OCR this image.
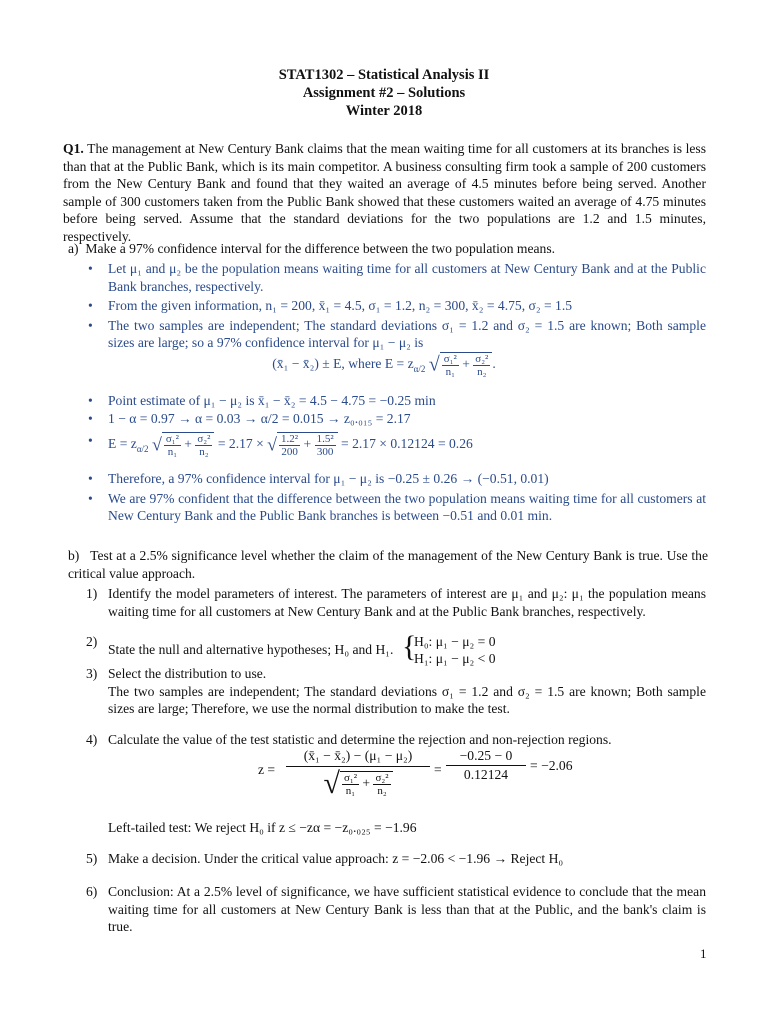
STAT1302 – Statistical Analysis II
Assignment #2 – Solutions
Winter 2018
Q1. The management at New Century Bank claims that the mean waiting time for all customers at its branches is less than that at the Public Bank, which is its main competitor. A business consulting firm took a sample of 200 customers from the New Century Bank and found that they waited an average of 4.5 minutes before being served. Another sample of 300 customers taken from the Public Bank showed that these customers waited an average of 4.75 minutes before being served. Assume that the standard deviations for the two populations are 1.2 and 1.5 minutes, respectively.
a) Make a 97% confidence interval for the difference between the two population means.
• Let μ₁ and μ₂ be the population means waiting time for all customers at New Century Bank and at the Public Bank branches, respectively.
• From the given information, n₁ = 200, x̄₁ = 4.5, σ₁ = 1.2, n₂ = 300, x̄₂ = 4.75, σ₂ = 1.5
• The two samples are independent; The standard deviations σ₁ = 1.2 and σ₂ = 1.5 are known; Both sample sizes are large; so a 97% confidence interval for μ₁ − μ₂ is
(x̄₁ − x̄₂) ± E, where $E = z_{\alpha/2}$ √ $\frac{\text{σ₁²}}{\text{n₁}} + \frac{\text{σ₂²}}{\text{n₂}}$ .
• Point estimate of μ₁ − μ₂ is x̄₁ − x̄₂ = 4.5 − 4.75 = −0.25 min
• 1 − α = 0.97 → α = 0.03 → α/2 = 0.015 → z₀.₀₁₅ = 2.17
• $E = z_{\alpha/2}$ √ $\frac{\text{σ₁²}}{\text{n₁}} + \frac{\text{σ₂²}}{\text{n₂}} = 2.17$ × √ $\frac{\text{1.2²}}{200} + \frac{\text{1.5²}}{300} = 2.17 \times 0.12124 = 0.26$
• Therefore, a 97% confidence interval for μ₁ − μ₂ is −0.25 ± 0.26 → (−0.51, 0.01)
• We are 97% confident that the difference between the two population means waiting time for all customers at New Century Bank and the Public Bank branches is between −0.51 and 0.01 min.
b) Test at a 2.5% significance level whether the claim of the management of the New Century Bank is true. Use the critical value approach.
1) Identify the model parameters of interest. The parameters of interest are μ₁ and μ₂: μ₁ the population means waiting time for all customers at New Century Bank and at the Public Bank branches, respectively.
2)
State the null and alternative hypotheses; H₀ and H₁. {
H₀: μ₁ − μ₂ = 0
H₁: μ₁ − μ₂ < 0
3) Select the distribution to use.
The two samples are independent; The standard deviations σ₁ = 1.2 and σ₂ = 1.5 are known; Both sample sizes are large; Therefore, we use the normal distribution to make the test.
4) Calculate the value of the test statistic and determine the rejection and non-rejection regions.
z =
(x̄₁ − x̄₂) − (μ₁ − μ₂)
√ $\frac{\text{σ₁²}}{\text{n₁}} + \frac{\text{σ₂²}}{\text{n₂}}$
= $\frac{-0.25 - 0}{0.12124} = -2.06$
Left-tailed test: We reject H₀ if z ≤ −zα = −z₀.₀₂₅ = −1.96
5) Make a decision. Under the critical value approach: z = −2.06 < −1.96 → Reject H₀
6) Conclusion: At a 2.5% level of significance, we have sufficient statistical evidence to conclude that the mean waiting time for all customers at New Century Bank is less than that at the Public, and the bank's claim is true.
1
